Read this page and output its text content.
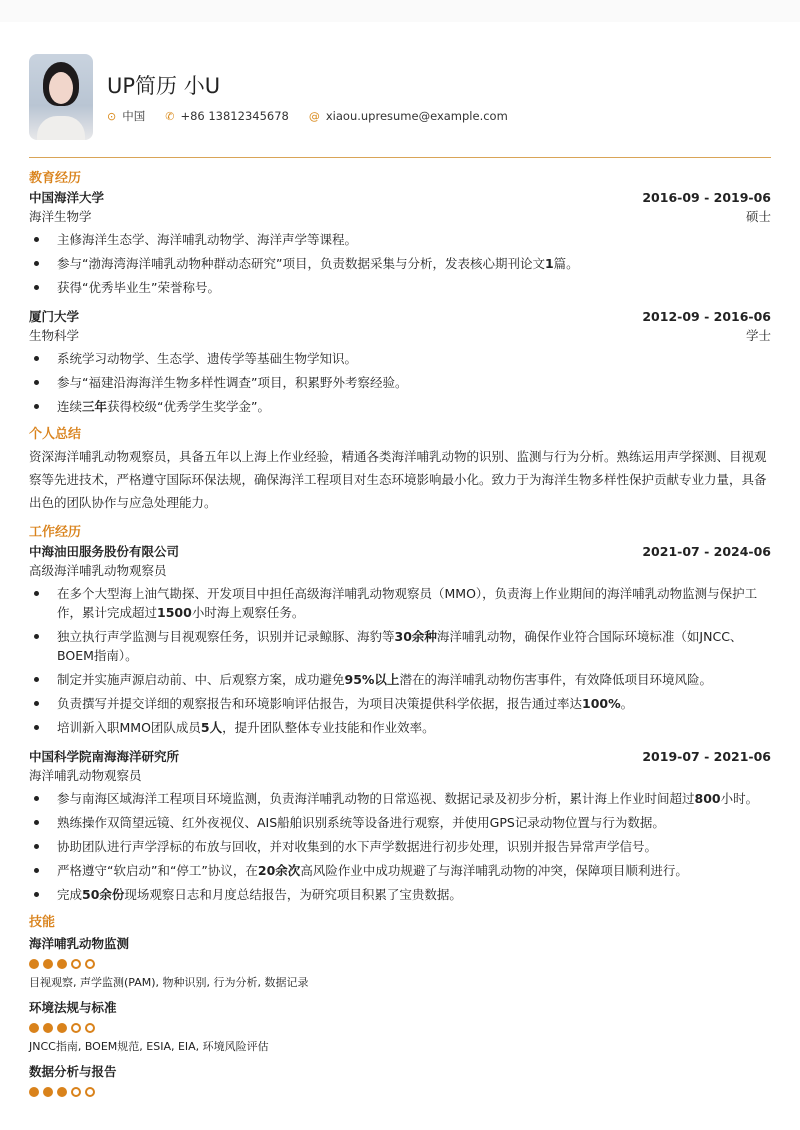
UP简历 小U
⊙ 中国 ✆ +86 13812345678 @ xiaou.upresume@example.com
教育经历
中国海洋大学	2016-09 - 2019-06
海洋生物学	硕士
主修海洋生态学、海洋哺乳动物学、海洋声学等课程。
参与“渤海湾海洋哺乳动物种群动态研究”项目，负责数据采集与分析，发表核心期刊论文1篇。
获得“优秀毕业生”荣誉称号。
厦门大学	2012-09 - 2016-06
生物科学	学士
系统学习动物学、生态学、遗传学等基础生物学知识。
参与“福建沿海海洋生物多样性调查”项目，积累野外考察经验。
连续三年获得校级“优秀学生奖学金”。
个人总结
资深海洋哺乳动物观察员，具备五年以上海上作业经验，精通各类海洋哺乳动物的识别、监测与行为分析。熟练运用声学探测、目视观察等先进技术，严格遵守国际环保法规，确保海洋工程项目对生态环境影响最小化。致力于为海洋生物多样性保护贡献专业力量，具备出色的团队协作与应急处理能力。
工作经历
中海油田服务股份有限公司	2021-07 - 2024-06
高级海洋哺乳动物观察员
在多个大型海上油气勘探、开发项目中担任高级海洋哺乳动物观察员（MMO），负责海上作业期间的海洋哺乳动物监测与保护工作，累计完成超过1500小时海上观察任务。
独立执行声学监测与目视观察任务，识别并记录鲸豚、海豹等30余种海洋哺乳动物，确保作业符合国际环境标准（如JNCC、BOEM指南）。
制定并实施声源启动前、中、后观察方案，成功避免95%以上潜在的海洋哺乳动物伤害事件，有效降低项目环境风险。
负责撰写并提交详细的观察报告和环境影响评估报告，为项目决策提供科学依据，报告通过率达100%。
培训新入职MMO团队成员5人，提升团队整体专业技能和作业效率。
中国科学院南海海洋研究所	2019-07 - 2021-06
海洋哺乳动物观察员
参与南海区域海洋工程项目环境监测，负责海洋哺乳动物的日常巡视、数据记录及初步分析，累计海上作业时间超过800小时。
熟练操作双筒望远镜、红外夜视仪、AIS船舶识别系统等设备进行观察，并使用GPS记录动物位置与行为数据。
协助团队进行声学浮标的布放与回收，并对收集到的水下声学数据进行初步处理，识别并报告异常声学信号。
严格遵守“软启动”和“停工”协议，在20余次高风险作业中成功规避了与海洋哺乳动物的冲突，保障项目顺利进行。
完成50余份现场观察日志和月度总结报告，为研究项目积累了宝贵数据。
技能
海洋哺乳动物监测
目视观察, 声学监测(PAM), 物种识别, 行为分析, 数据记录
环境法规与标准
JNCC指南, BOEM规范, ESIA, EIA, 环境风险评估
数据分析与报告
